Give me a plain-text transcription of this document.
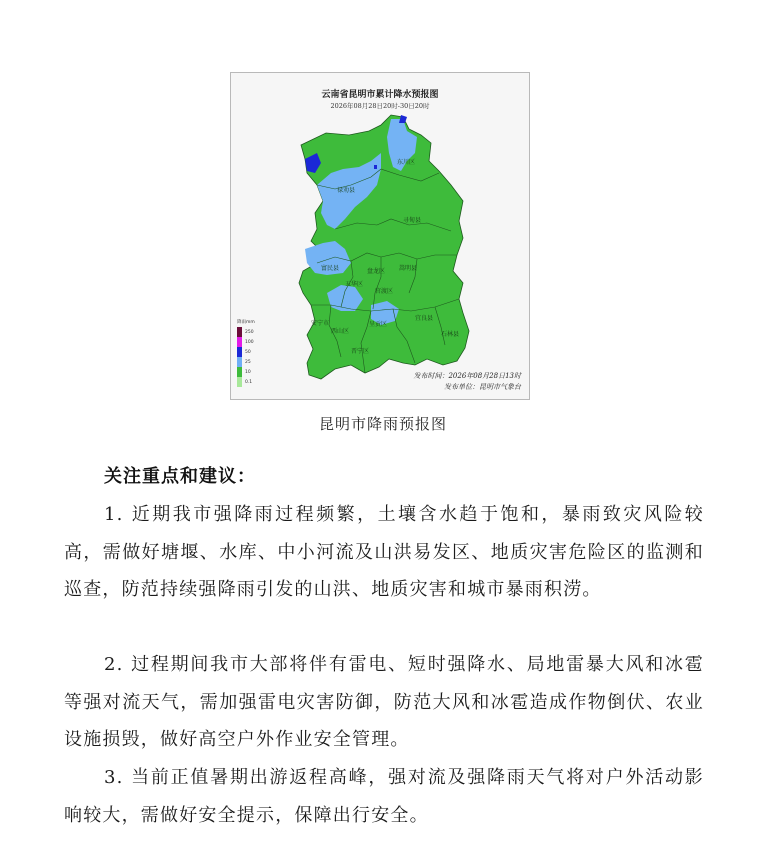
云南省昆明市累计降水预报图
2026年08月28日20时-30日20时
东川区
禄劝县
寻甸县
富民县	嵩明县
盘龙区
五华区
官渡区
安宁市
西山区
呈贡区
宜良县
石林县
晋宁区
降雨mm
250
100
50
25
10
0.1
发布时间：2026年08月28日13时
发布单位：昆明市气象台
昆明市降雨预报图
关注重点和建议：

1. 近期我市强降雨过程频繁，土壤含水趋于饱和，暴雨致灾风险较高，需做好塘堰、水库、中小河流及山洪易发区、地质灾害危险区的监测和巡查，防范持续强降雨引发的山洪、地质灾害和城市暴雨积涝。

2. 过程期间我市大部将伴有雷电、短时强降水、局地雷暴大风和冰雹等强对流天气，需加强雷电灾害防御，防范大风和冰雹造成作物倒伏、农业设施损毁，做好高空户外作业安全管理。

3. 当前正值暑期出游返程高峰，强对流及强降雨天气将对户外活动影响较大，需做好安全提示，保障出行安全。
